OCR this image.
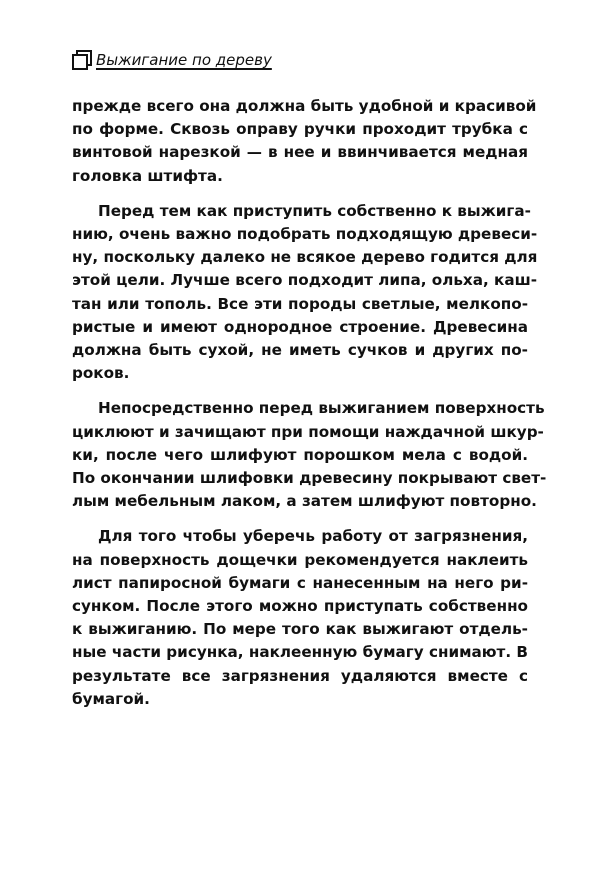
Выжигание по дереву
прежде всего она должна быть удобной и красивой
по форме. Сквозь оправу ручки проходит трубка с
винтовой нарезкой — в нее и ввинчивается медная
головка штифта.
Перед тем как приступить собственно к выжига-
нию, очень важно подобрать подходящую древеси-
ну, поскольку далеко не всякое дерево годится для
этой цели. Лучше всего подходит липа, ольха, каш-
тан или тополь. Все эти породы светлые, мелкопо-
ристые и имеют однородное строение. Древесина
должна быть сухой, не иметь сучков и других по-
роков.
Непосредственно перед выжиганием поверхность
циклюют и зачищают при помощи наждачной шкур-
ки, после чего шлифуют порошком мела с водой.
По окончании шлифовки древесину покрывают свет-
лым мебельным лаком, а затем шлифуют повторно.
Для того чтобы уберечь работу от загрязнения,
на поверхность дощечки рекомендуется наклеить
лист папиросной бумаги с нанесенным на него ри-
сунком. После этого можно приступать собственно
к выжиганию. По мере того как выжигают отдель-
ные части рисунка, наклеенную бумагу снимают. В
результате все загрязнения удаляются вместе с
бумагой.
